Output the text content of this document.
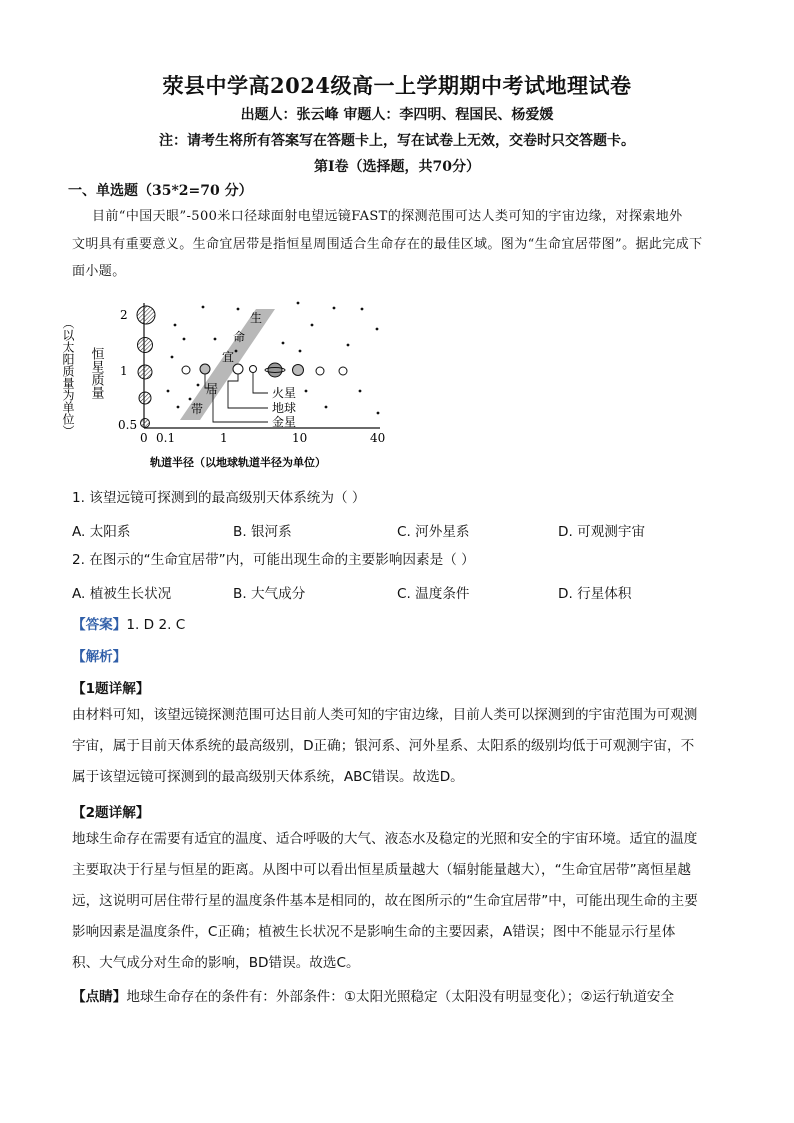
荥县中学高2024级高一上学期期中考试地理试卷
出题人：张云峰 审题人：李四明、程国民、杨爱媛
注：请考生将所有答案写在答题卡上，写在试卷上无效，交卷时只交答题卡。
第Ⅰ卷（选择题，共70分）
一、单选题（35*2=70 分）
目前“中国天眼”-500米口径球面射电望远镜FAST的探测范围可达人类可知的宇宙边缘，对探索地外
文明具有重要意义。生命宜居带是指恒星周围适合生命存在的最佳区域。图为“生命宜居带图”。据此完成下
面小题。
（以太阳质量为单位） 恒星质量
2
1
0.5
0 0.1	1	10	40
轨道半径（以地球轨道半径为单位）
生
命
宜
居
带
火星
地球
金星
1. 该望远镜可探测到的最高级别天体系统为（ ）
A. 太阳系	B. 银河系	C. 河外星系	D. 可观测宇宙
2. 在图示的“生命宜居带”内，可能出现生命的主要影响因素是（ ）
A. 植被生长状况	B. 大气成分	C. 温度条件	D. 行星体积
【答案】1. D 2. C
【解析】
【1题详解】
由材料可知，该望远镜探测范围可达目前人类可知的宇宙边缘，目前人类可以探测到的宇宙范围为可观测
宇宙，属于目前天体系统的最高级别，D正确；银河系、河外星系、太阳系的级别均低于可观测宇宙，不
属于该望远镜可探测到的最高级别天体系统，ABC错误。故选D。
【2题详解】
地球生命存在需要有适宜的温度、适合呼吸的大气、液态水及稳定的光照和安全的宇宙环境。适宜的温度
主要取决于行星与恒星的距离。从图中可以看出恒星质量越大（辐射能量越大），“生命宜居带”离恒星越
远，这说明可居住带行星的温度条件基本是相同的，故在图所示的“生命宜居带”中，可能出现生命的主要
影响因素是温度条件，C正确；植被生长状况不是影响生命的主要因素，A错误；图中不能显示行星体
积、大气成分对生命的影响，BD错误。故选C。
【点睛】地球生命存在的条件有：外部条件：①太阳光照稳定（太阳没有明显变化）；②运行轨道安全
